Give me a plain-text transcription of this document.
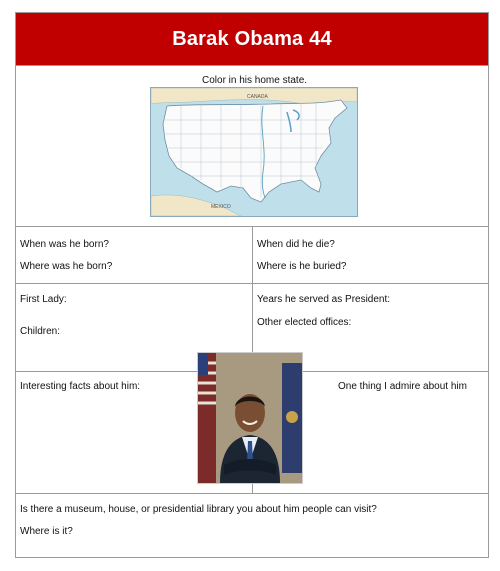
Barak Obama 44
Color in his home state.
CANADA
MEXICO
When was he born?
Where was he born?
When did he die?
Where is he buried?
First Lady:
Children:
Years he served as President:
Other elected offices:
Interesting facts about him:	One thing I admire about him
Is there a museum, house, or presidential library you about him people can visit?
Where is it?
